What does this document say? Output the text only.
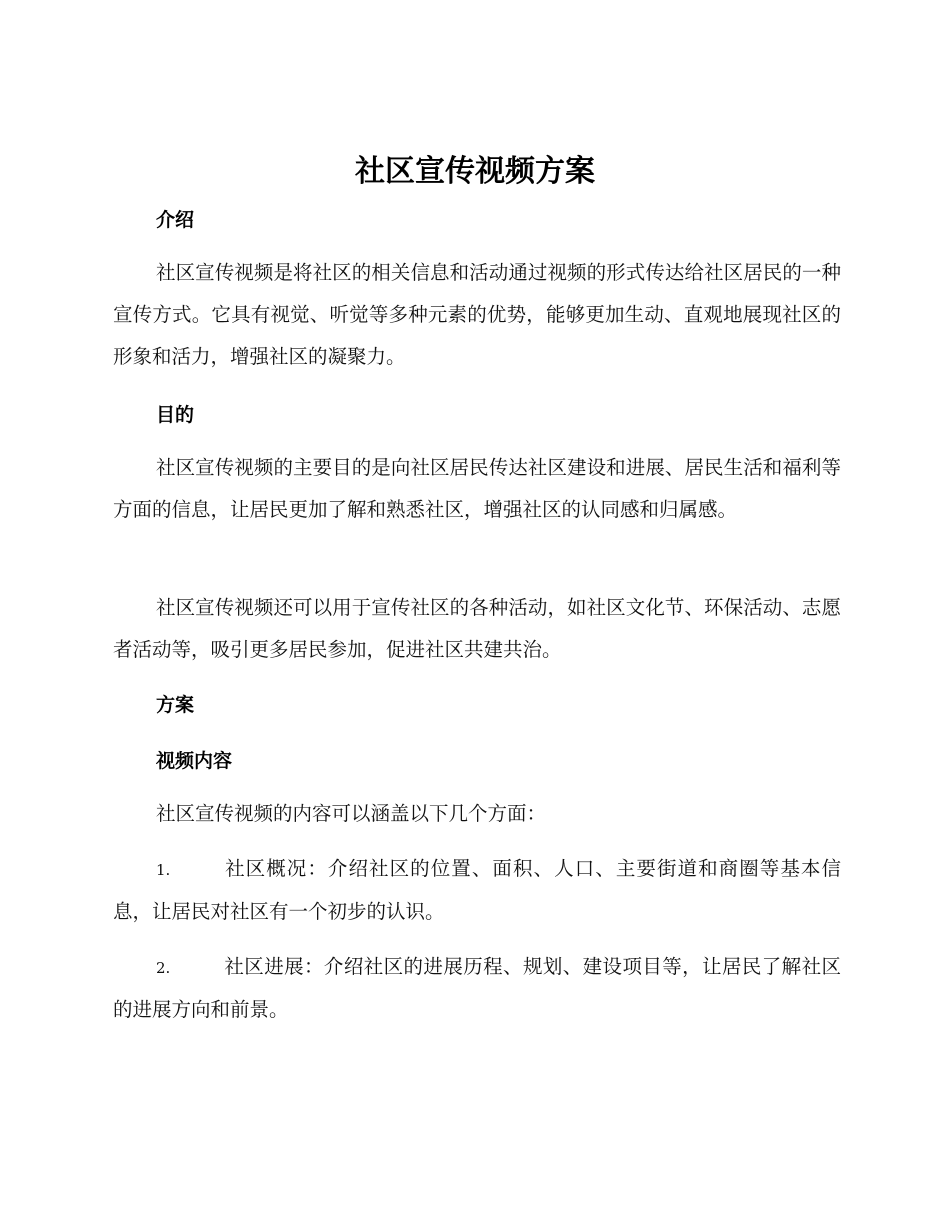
社区宣传视频方案
介绍

社区宣传视频是将社区的相关信息和活动通过视频的形式传达给社区居民的一种宣传方式。它具有视觉、听觉等多种元素的优势，能够更加生动、直观地展现社区的形象和活力，增强社区的凝聚力。

目的

社区宣传视频的主要目的是向社区居民传达社区建设和进展、居民生活和福利等方面的信息，让居民更加了解和熟悉社区，增强社区的认同感和归属感。

社区宣传视频还可以用于宣传社区的各种活动，如社区文化节、环保活动、志愿者活动等，吸引更多居民参加，促进社区共建共治。

方案
视频内容

社区宣传视频的内容可以涵盖以下几个方面：

1.	社区概况：介绍社区的位置、面积、人口、主要街道和商圈等基本信息，让居民对社区有一个初步的认识。

2.	社区进展：介绍社区的进展历程、规划、建设项目等，让居民了解社区的进展方向和前景。
